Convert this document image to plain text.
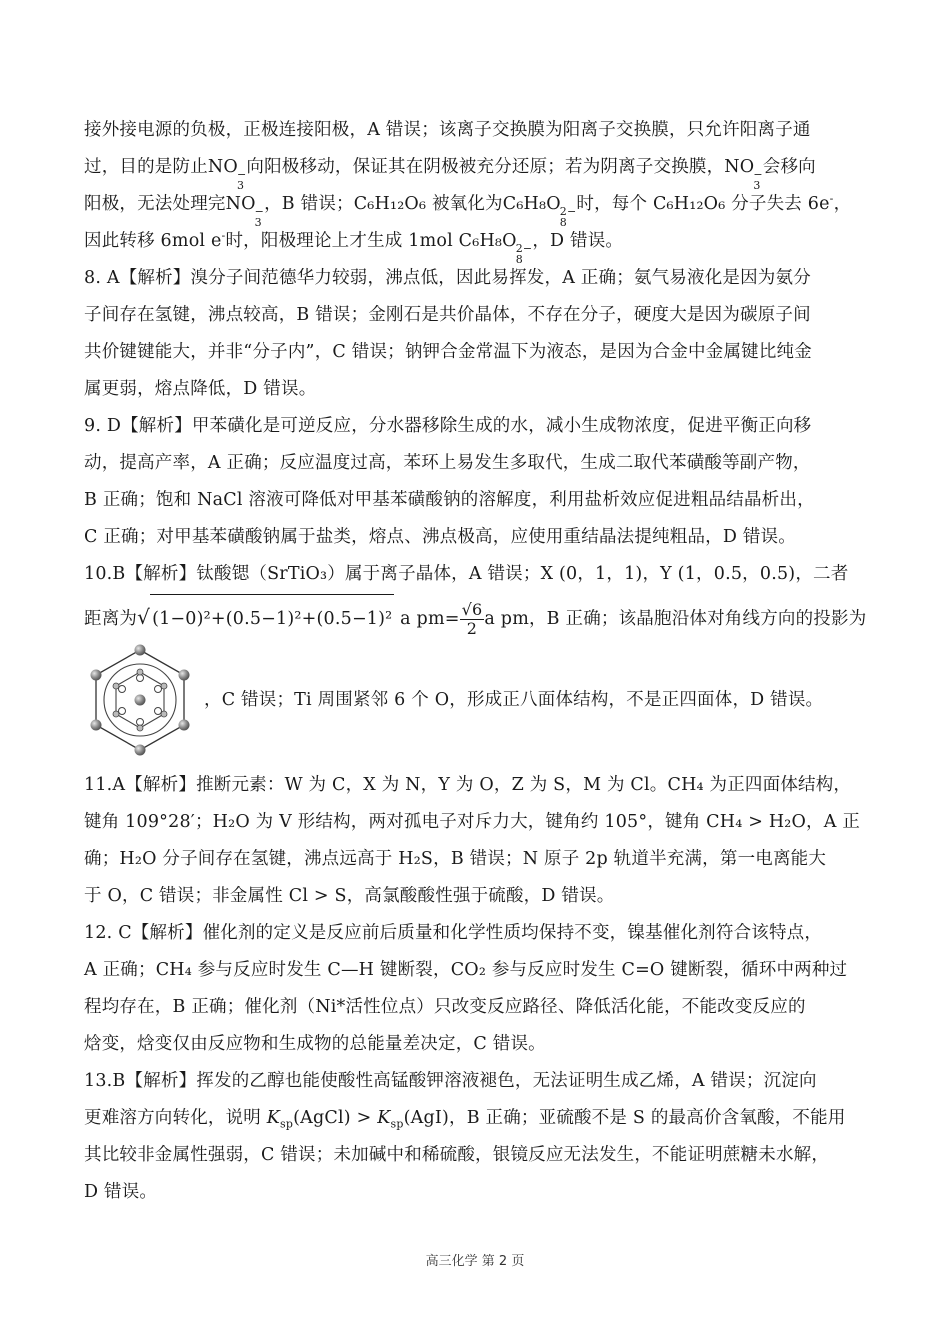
接外接电源的负极，正极连接阳极，A 错误；该离子交换膜为阳离子交换膜，只允许阳离子通
过，目的是防止NO −
3
向阳极移动，保证其在阴极被充分还原；若为阴离子交换膜，NO −
3
会移向
阳极，无法处理完NO −
3
，B 错误；C₆H₁₂O₆ 被氧化为C₆H₈O 2−
8
时，每个 C₆H₁₂O₆ 分子失去 6e-，
因此转移 6mol e-时，阳极理论上才生成 1mol C₆H₈O 2−
8
，D 错误。
8. A【解析】溴分子间范德华力较弱，沸点低，因此易挥发，A 正确；氨气易液化是因为氨分
子间存在氢键，沸点较高，B 错误；金刚石是共价晶体，不存在分子，硬度大是因为碳原子间
共价键键能大，并非“分子内”，C 错误；钠钾合金常温下为液态，是因为合金中金属键比纯金
属更弱，熔点降低，D 错误。
9. D【解析】甲苯磺化是可逆反应，分水器移除生成的水，减小生成物浓度，促进平衡正向移
动，提高产率，A 正确；反应温度过高，苯环上易发生多取代，生成二取代苯磺酸等副产物，
B 正确；饱和 NaCl 溶液可降低对甲基苯磺酸钠的溶解度，利用盐析效应促进粗品结晶析出，
C 正确；对甲基苯磺酸钠属于盐类，熔点、沸点极高，应使用重结晶法提纯粗品，D 错误。
10.B【解析】钛酸锶（SrTiO₃）属于离子晶体，A 错误；X (0，1，1)，Y (1，0.5，0.5)，二者
距离为√ (1−0)²+(0.5−1)²+(0.5−1)² a $pm= \frac{√6}{2}$ a pm，B 正确；该晶胞沿体对角线方向的投影为
，C 错误；Ti 周围紧邻 6 个 O，形成正八面体结构，不是正四面体，D 错误。
11.A【解析】推断元素：W 为 C，X 为 N，Y 为 O，Z 为 S，M 为 Cl。CH₄ 为正四面体结构，
键角 109°28′；H₂O 为 V 形结构，两对孤电子对斥力大，键角约 105°，键角 CH₄ > H₂O，A 正
确；H₂O 分子间存在氢键，沸点远高于 H₂S，B 错误；N 原子 2p 轨道半充满，第一电离能大
于 O，C 错误；非金属性 Cl > S，高氯酸酸性强于硫酸，D 错误。
12. C【解析】催化剂的定义是反应前后质量和化学性质均保持不变，镍基催化剂符合该特点，
A 正确；CH₄ 参与反应时发生 C—H 键断裂，CO₂ 参与反应时发生 C=O 键断裂，循环中两种过
程均存在，B 正确；催化剂（Ni*活性位点）只改变反应路径、降低活化能，不能改变反应的
焓变，焓变仅由反应物和生成物的总能量差决定，C 错误。
13.B【解析】挥发的乙醇也能使酸性高锰酸钾溶液褪色，无法证明生成乙烯，A 错误；沉淀向
更难溶方向转化，说明 $K_{sp}(AgCl) > K_{sp}(AgI)$，B 正确；亚硫酸不是 S 的最高价含氧酸，不能用
其比较非金属性强弱，C 错误；未加碱中和稀硫酸，银镜反应无法发生，不能证明蔗糖未水解，
D 错误。
高三化学 第 2 页
